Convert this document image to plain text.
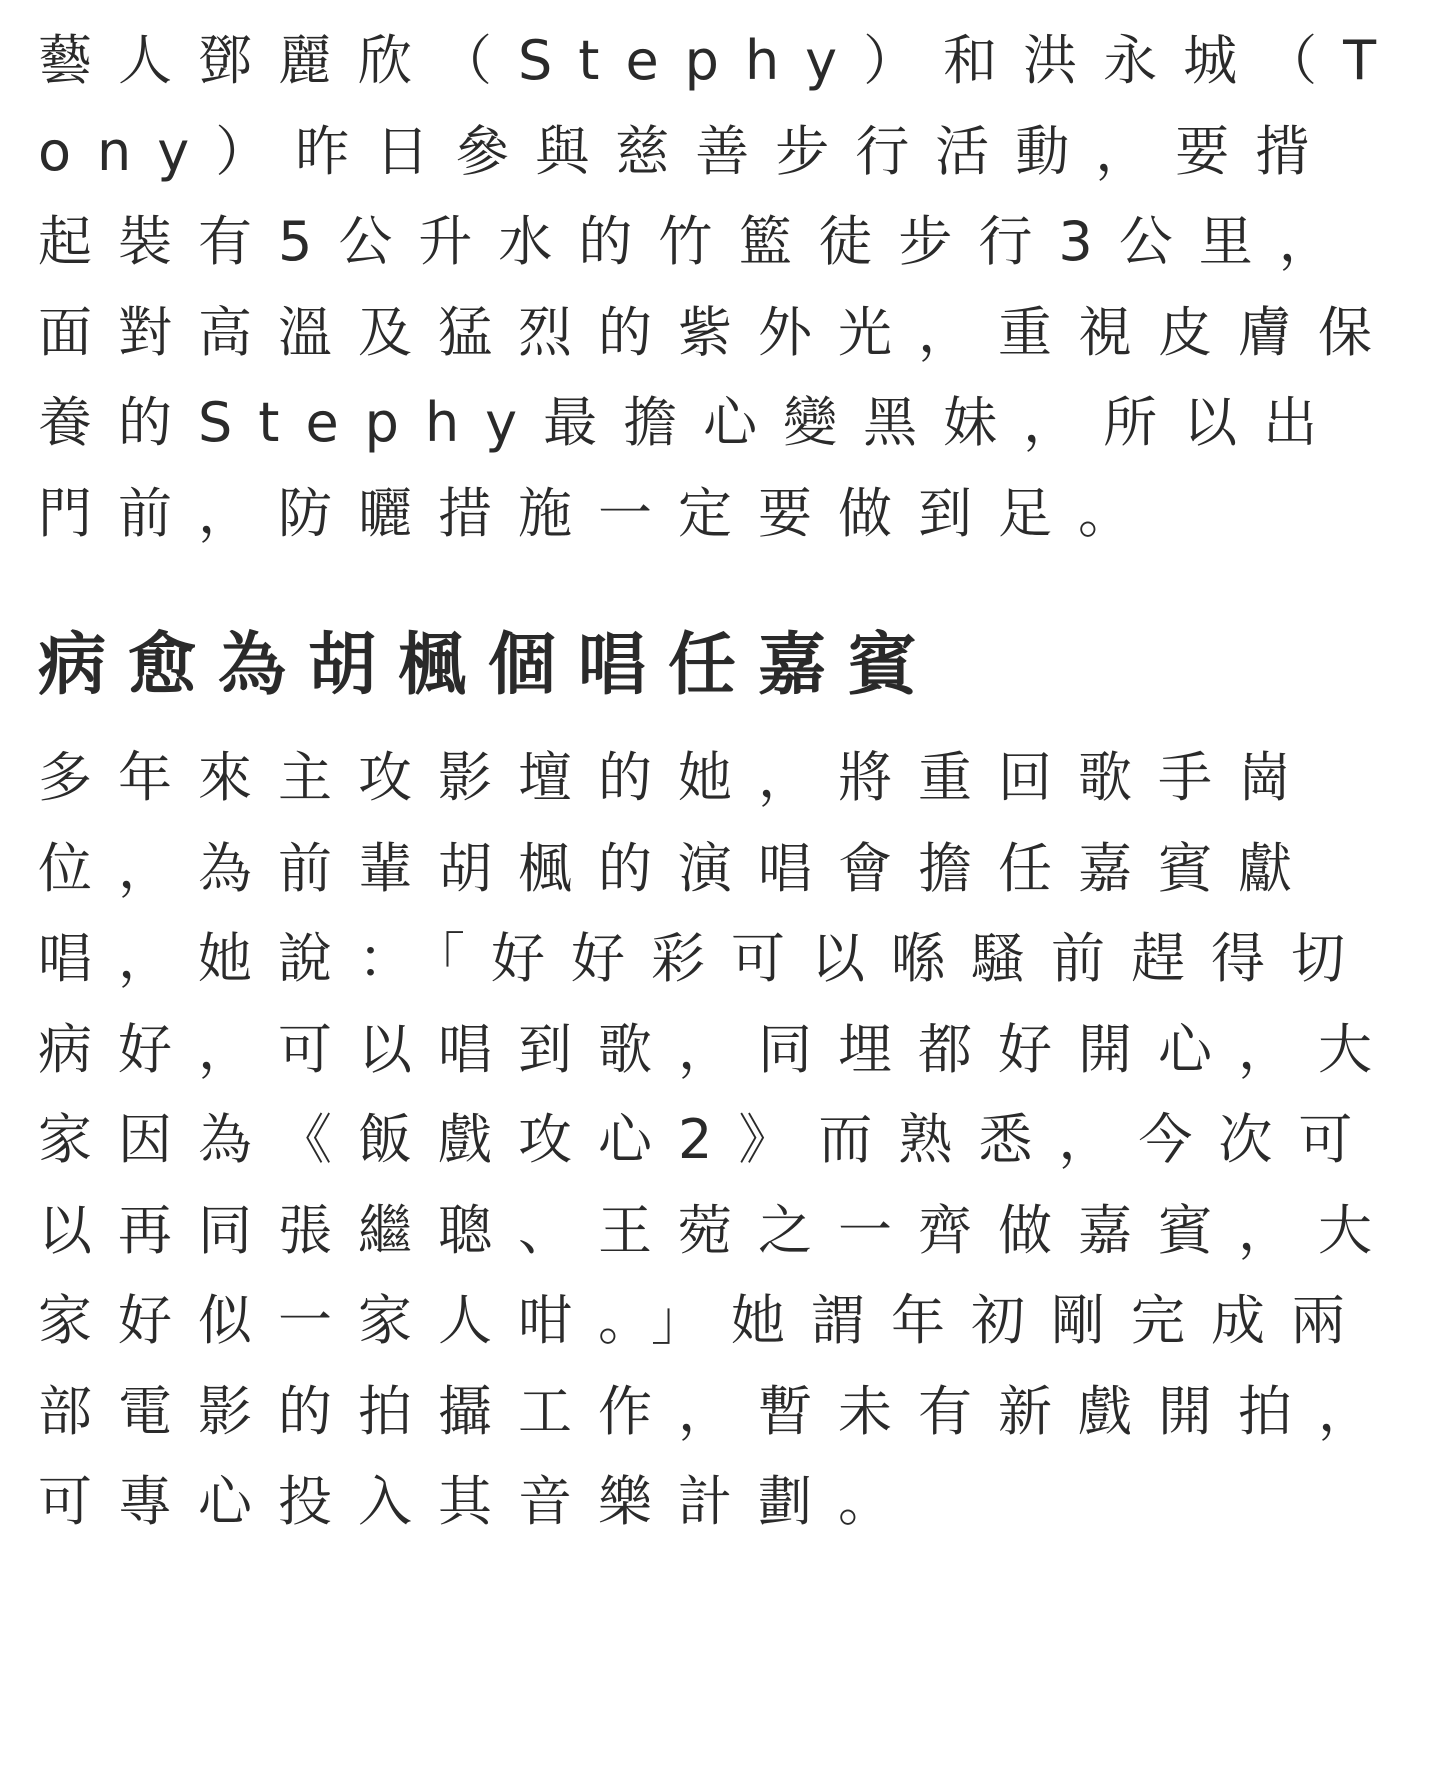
藝人鄧麗欣（Stephy）和洪永城（Tony）昨日參與慈善步行活動，要揹起裝有5公升水的竹籃徒步行3公里，面對高溫及猛烈的紫外光，重視皮膚保養的Stephy最擔心變黑妹，所以出門前，防曬措施一定要做到足。

病愈為胡楓個唱任嘉賓

多年來主攻影壇的她，將重回歌手崗位，為前輩胡楓的演唱會擔任嘉賓獻唱，她說：「好好彩可以喺騷前趕得切病好，可以唱到歌，同埋都好開心，大家因為《飯戲攻心2》而熟悉，今次可以再同張繼聰、王菀之一齊做嘉賓，大家好似一家人咁。」她謂年初剛完成兩部電影的拍攝工作，暫未有新戲開拍，可專心投入其音樂計劃。
